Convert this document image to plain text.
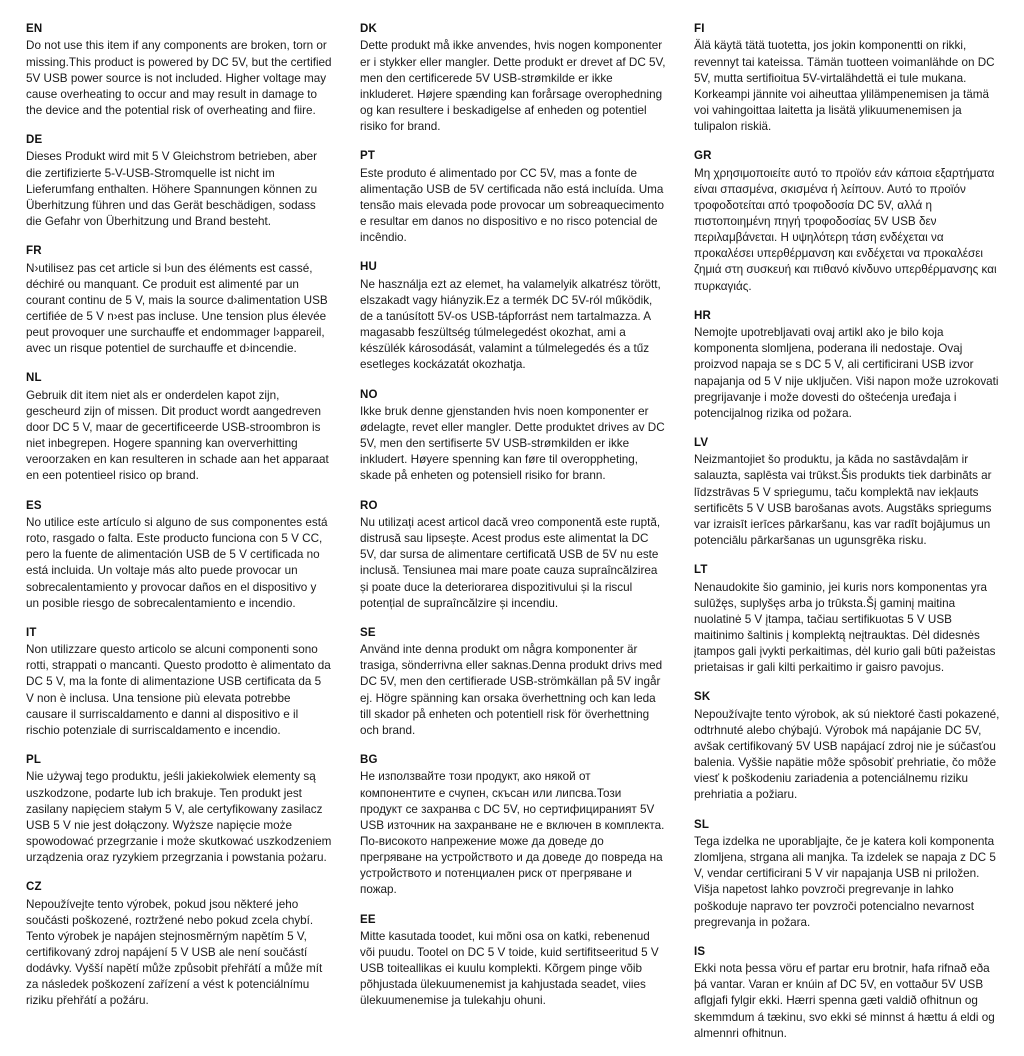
EN
Do not use this item if any components are broken, torn or missing.This product is powered by DC 5V, but the certified 5V USB power source is not included. Higher voltage may cause overheating to occur and may result in damage to the device and the potential risk of overheating and fiire.
DE
Dieses Produkt wird mit 5 V Gleichstrom betrieben, aber die zertifizierte 5-V-USB-Stromquelle ist nicht im Lieferumfang enthalten. Höhere Spannungen können zu Überhitzung führen und das Gerät beschädigen, sodass die Gefahr von Überhitzung und Brand besteht.
FR
N›utilisez pas cet article si l›un des éléments est cassé, déchiré ou manquant. Ce produit est alimenté par un courant continu de 5 V, mais la source d›alimentation USB certifiée de 5 V n›est pas incluse. Une tension plus élevée peut provoquer une surchauffe et endommager l›appareil, avec un risque potentiel de surchauffe et d›incendie.
NL
Gebruik dit item niet als er onderdelen kapot zijn, gescheurd zijn of missen. Dit product wordt aangedreven door DC 5 V, maar de gecertificeerde USB-stroombron is niet inbegrepen. Hogere spanning kan oververhitting veroorzaken en kan resulteren in schade aan het apparaat en een potentieel risico op brand.
ES
No utilice este artículo si alguno de sus componentes está roto, rasgado o falta. Este producto funciona con 5 V CC, pero la fuente de alimentación USB de 5 V certificada no está incluida. Un voltaje más alto puede provocar un sobrecalentamiento y provocar daños en el dispositivo y un posible riesgo de sobrecalentamiento e incendio.
IT
Non utilizzare questo articolo se alcuni componenti sono rotti, strappati o mancanti. Questo prodotto è alimentato da DC 5 V, ma la fonte di alimentazione USB certificata da 5 V non è inclusa. Una tensione più elevata potrebbe causare il surriscaldamento e danni al dispositivo e il rischio potenziale di surriscaldamento e incendio.
PL
Nie używaj tego produktu, jeśli jakiekolwiek elementy są uszkodzone, podarte lub ich brakuje. Ten produkt jest zasilany napięciem stałym 5 V, ale certyfikowany zasilacz USB 5 V nie jest dołączony. Wyższe napięcie może spowodować przegrzanie i może skutkować uszkodzeniem urządzenia oraz ryzykiem przegrzania i powstania pożaru.
CZ
Nepoužívejte tento výrobek, pokud jsou některé jeho součásti poškozené, roztržené nebo pokud zcela chybí. Tento výrobek je napájen stejnosměrným napětím 5 V, certifikovaný zdroj napájení 5 V USB ale není součástí dodávky. Vyšší napětí může způsobit přehřátí a může mít za následek poškození zařízení a vést k potenciálnímu riziku přehřátí a požáru.
DK
Dette produkt må ikke anvendes, hvis nogen komponenter er i stykker eller mangler. Dette produkt er drevet af DC 5V, men den certificerede 5V USB-strømkilde er ikke inkluderet. Højere spænding kan forårsage overophedning og kan resultere i beskadigelse af enheden og potentiel risiko for brand.
PT
Este produto é alimentado por CC 5V, mas a fonte de alimentação USB de 5V certificada não está incluída. Uma tensão mais elevada pode provocar um sobreaquecimento e resultar em danos no dispositivo e no risco potencial de incêndio.
HU
Ne használja ezt az elemet, ha valamelyik alkatrész törött, elszakadt vagy hiányzik.Ez a termék DC 5V-ról működik, de a tanúsított 5V-os USB-tápforrást nem tartalmazza. A magasabb feszültség túlmelegedést okozhat, ami a készülék károsodását, valamint a túlmelegedés és a tűz esetleges kockázatát okozhatja.
NO
Ikke bruk denne gjenstanden hvis noen komponenter er ødelagte, revet eller mangler. Dette produktet drives av DC 5V, men den sertifiserte 5V USB-strømkilden er ikke inkludert. Høyere spenning kan føre til overoppheting, skade på enheten og potensiell risiko for brann.
RO
Nu utilizați acest articol dacă vreo componentă este ruptă, distrusă sau lipsește. Acest produs este alimentat la DC 5V, dar sursa de alimentare certificată USB de 5V nu este inclusă. Tensiunea mai mare poate cauza supraîncălzirea și poate duce la deteriorarea dispozitivului și la riscul potențial de supraîncălzire și incendiu.
SE
Använd inte denna produkt om några komponenter är trasiga, sönderrivna eller saknas.Denna produkt drivs med DC 5V, men den certifierade USB-strömkällan på 5V ingår ej. Högre spänning kan orsaka överhettning och kan leda till skador på enheten och potentiell risk för överhettning och brand.
BG
Не използвайте този продукт, ако някой от компонентите е счупен, скъсан или липсва.Този продукт се захранва с DC 5V, но сертифицираният 5V USB източник на захранване не е включен в комплекта. По-високото напрежение може да доведе до прегряване на устройството и да доведе до повреда на устройството и потенциален риск от прегряване и пожар.
EE
Mitte kasutada toodet, kui mõni osa on katki, rebenenud või puudu. Tootel on DC 5 V toide, kuid sertifitseeritud 5 V USB toiteallikas ei kuulu komplekti. Kõrgem pinge võib põhjustada ülekuumenemist ja kahjustada seadet, viies ülekuumenemise ja tulekahju ohuni.
FI
Älä käytä tätä tuotetta, jos jokin komponentti on rikki, revennyt tai kateissa. Tämän tuotteen voimanlähde on DC 5V, mutta sertifioitua 5V-virtalähdettä ei tule mukana. Korkeampi jännite voi aiheuttaa ylilämpenemisen ja tämä voi vahingoittaa laitetta ja lisätä ylikuumenemisen ja tulipalon riskiä.
GR
Μη χρησιμοποιείτε αυτό το προϊόν εάν κάποια εξαρτήματα είναι σπασμένα, σκισμένα ή λείπουν. Αυτό το προϊόν τροφοδοτείται από τροφοδοσία DC 5V, αλλά η πιστοποιημένη πηγή τροφοδοσίας 5V USB δεν περιλαμβάνεται. Η υψηλότερη τάση ενδέχεται να προκαλέσει υπερθέρμανση και ενδέχεται να προκαλέσει ζημιά στη συσκευή και πιθανό κίνδυνο υπερθέρμανσης και πυρκαγιάς.
HR
Nemojte upotrebljavati ovaj artikl ako je bilo koja komponenta slomljena, poderana ili nedostaje. Ovaj proizvod napaja se s DC 5 V, ali certificirani USB izvor napajanja od 5 V nije uključen. Viši napon može uzrokovati pregrijavanje i može dovesti do oštećenja uređaja i potencijalnog rizika od požara.
LV
Neizmantojiet šo produktu, ja kāda no sastāvdaļām ir salauzta, saplēsta vai trūkst.Šis produkts tiek darbināts ar līdzstrāvas 5 V spriegumu, taču komplektā nav iekļauts sertificēts 5 V USB barošanas avots. Augstāks spriegums var izraisīt ierīces pārkaršanu, kas var radīt bojājumus un potenciālu pārkaršanas un ugunsgrēka risku.
LT
Nenaudokite šio gaminio, jei kuris nors komponentas yra sulūžęs, suplyšęs arba jo trūksta.Šį gaminį maitina nuolatinė 5 V įtampa, tačiau sertifikuotas 5 V USB maitinimo šaltinis į komplektą neįtrauktas. Dėl didesnės įtampos gali įvykti perkaitimas, dėl kurio gali būti pažeistas prietaisas ir gali kilti perkaitimo ir gaisro pavojus.
SK
Nepoužívajte tento výrobok, ak sú niektoré časti pokazené, odtrhnuté alebo chýbajú. Výrobok má napájanie DC 5V, avšak certifikovaný 5V USB napájací zdroj nie je súčasťou balenia. Vyššie napätie môže spôsobiť prehriatie, čo môže viesť k poškodeniu zariadenia a potenciálnemu riziku prehriatia a požiaru.
SL
Tega izdelka ne uporabljajte, če je katera koli komponenta zlomljena, strgana ali manjka. Ta izdelek se napaja z DC 5 V, vendar certificirani 5 V vir napajanja USB ni priložen. Višja napetost lahko povzroči pregrevanje in lahko poškoduje napravo ter povzroči potencialno nevarnost pregrevanja in požara.
IS
Ekki nota þessa vöru ef partar eru brotnir, hafa rifnað eða þá vantar. Varan er knúin af DC 5V, en vottaður 5V USB aflgjafi fylgir ekki. Hærri spenna gæti valdið ofhitnun og skemmdum á tækinu, svo ekki sé minnst á hættu á eldi og almennri ofhitnun.
